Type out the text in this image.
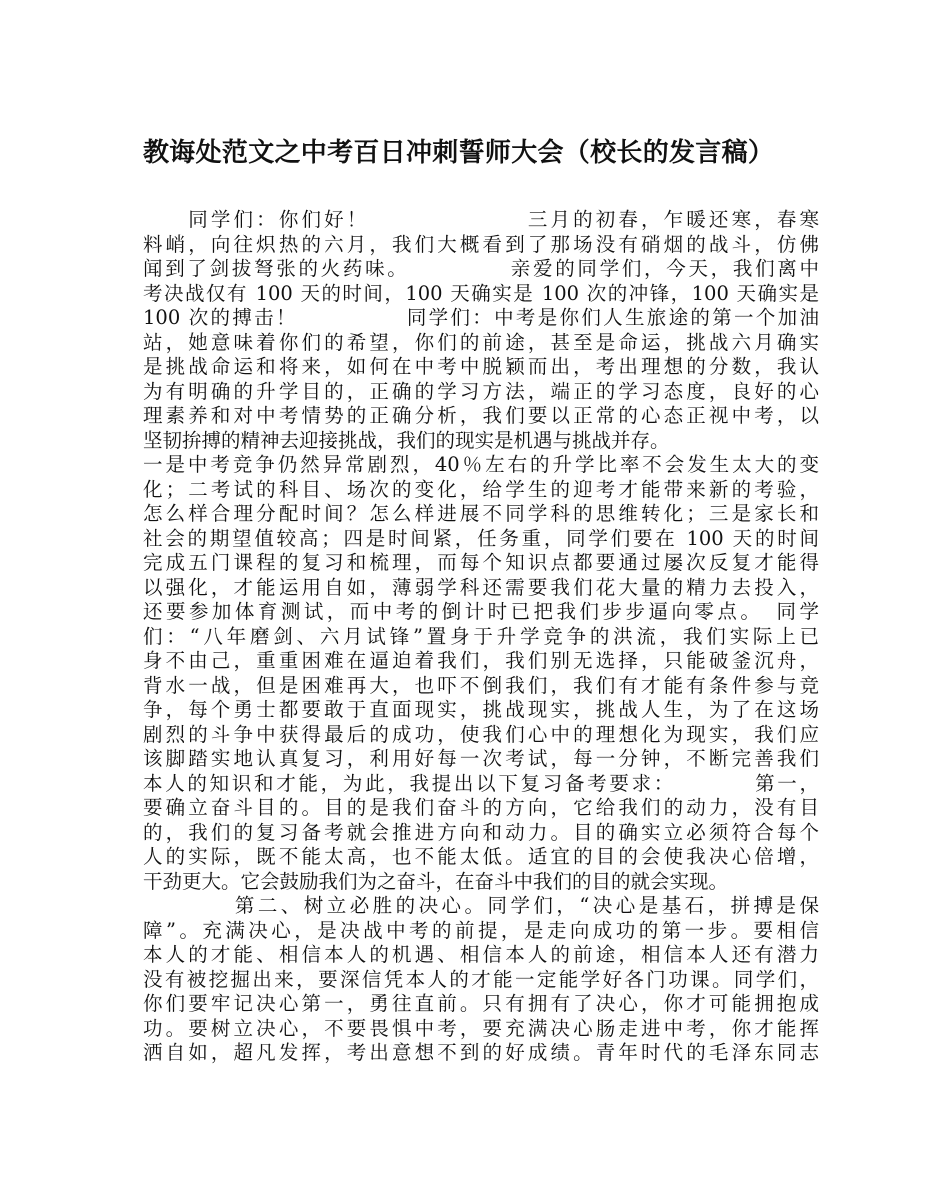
教诲处范文之中考百日冲刺誓师大会（校长的发言稿）
　　同学们：你们好！　　　　　　　三月的初春，乍暖还寒，春寒
料峭，向往炽热的六月，我们大概看到了那场没有硝烟的战斗，仿佛
闻到了剑拔弩张的火药味。　　　　　亲爱的同学们，今天，我们离中
考决战仅有 100 天的时间，100 天确实是 100 次的冲锋，100 天确实是
100 次的搏击！　　　　　同学们：中考是你们人生旅途的第一个加油
站，她意味着你们的希望，你们的前途，甚至是命运，挑战六月确实
是挑战命运和将来，如何在中考中脱颖而出，考出理想的分数，我认
为有明确的升学目的，正确的学习方法，端正的学习态度，良好的心
理素养和对中考情势的正确分析，我们要以正常的心态正视中考，以
坚韧拚搏的精神去迎接挑战，我们的现实是机遇与挑战并存。
一是中考竞争仍然异常剧烈，40％左右的升学比率不会发生太大的变
化；二考试的科目、场次的变化，给学生的迎考才能带来新的考验，
怎么样合理分配时间？怎么样进展不同学科的思维转化；三是家长和
社会的期望值较高；四是时间紧，任务重，同学们要在 100 天的时间
完成五门课程的复习和梳理，而每个知识点都要通过屡次反复才能得
以强化，才能运用自如，薄弱学科还需要我们花大量的精力去投入，
还要参加体育测试，而中考的倒计时已把我们步步逼向零点。　同学
们：“八年磨剑、六月试锋”置身于升学竞争的洪流，我们实际上已
身不由己，重重困难在逼迫着我们，我们别无选择，只能破釜沉舟，
背水一战，但是困难再大，也吓不倒我们，我们有才能有条件参与竞
争，每个勇士都要敢于直面现实，挑战现实，挑战人生，为了在这场
剧烈的斗争中获得最后的成功，使我们心中的理想化为现实，我们应
该脚踏实地认真复习，利用好每一次考试，每一分钟，不断完善我们
本人的知识和才能，为此，我提出以下复习备考要求：　　　　第一，
要确立奋斗目的。目的是我们奋斗的方向，它给我们的动力，没有目
的，我们的复习备考就会推进方向和动力。目的确实立必须符合每个
人的实际，既不能太高，也不能太低。适宜的目的会使我决心倍增，
干劲更大。它会鼓励我们为之奋斗，在奋斗中我们的目的就会实现。
　　　　第二、树立必胜的决心。同学们，“决心是基石，拼搏是保
障”。充满决心，是决战中考的前提，是走向成功的第一步。要相信
本人的才能、相信本人的机遇、相信本人的前途，相信本人还有潜力
没有被挖掘出来，要深信凭本人的才能一定能学好各门功课。同学们，
你们要牢记决心第一，勇往直前。只有拥有了决心，你才可能拥抱成
功。要树立决心，不要畏惧中考，要充满决心肠走进中考，你才能挥
洒自如，超凡发挥，考出意想不到的好成绩。青年时代的毛泽东同志
